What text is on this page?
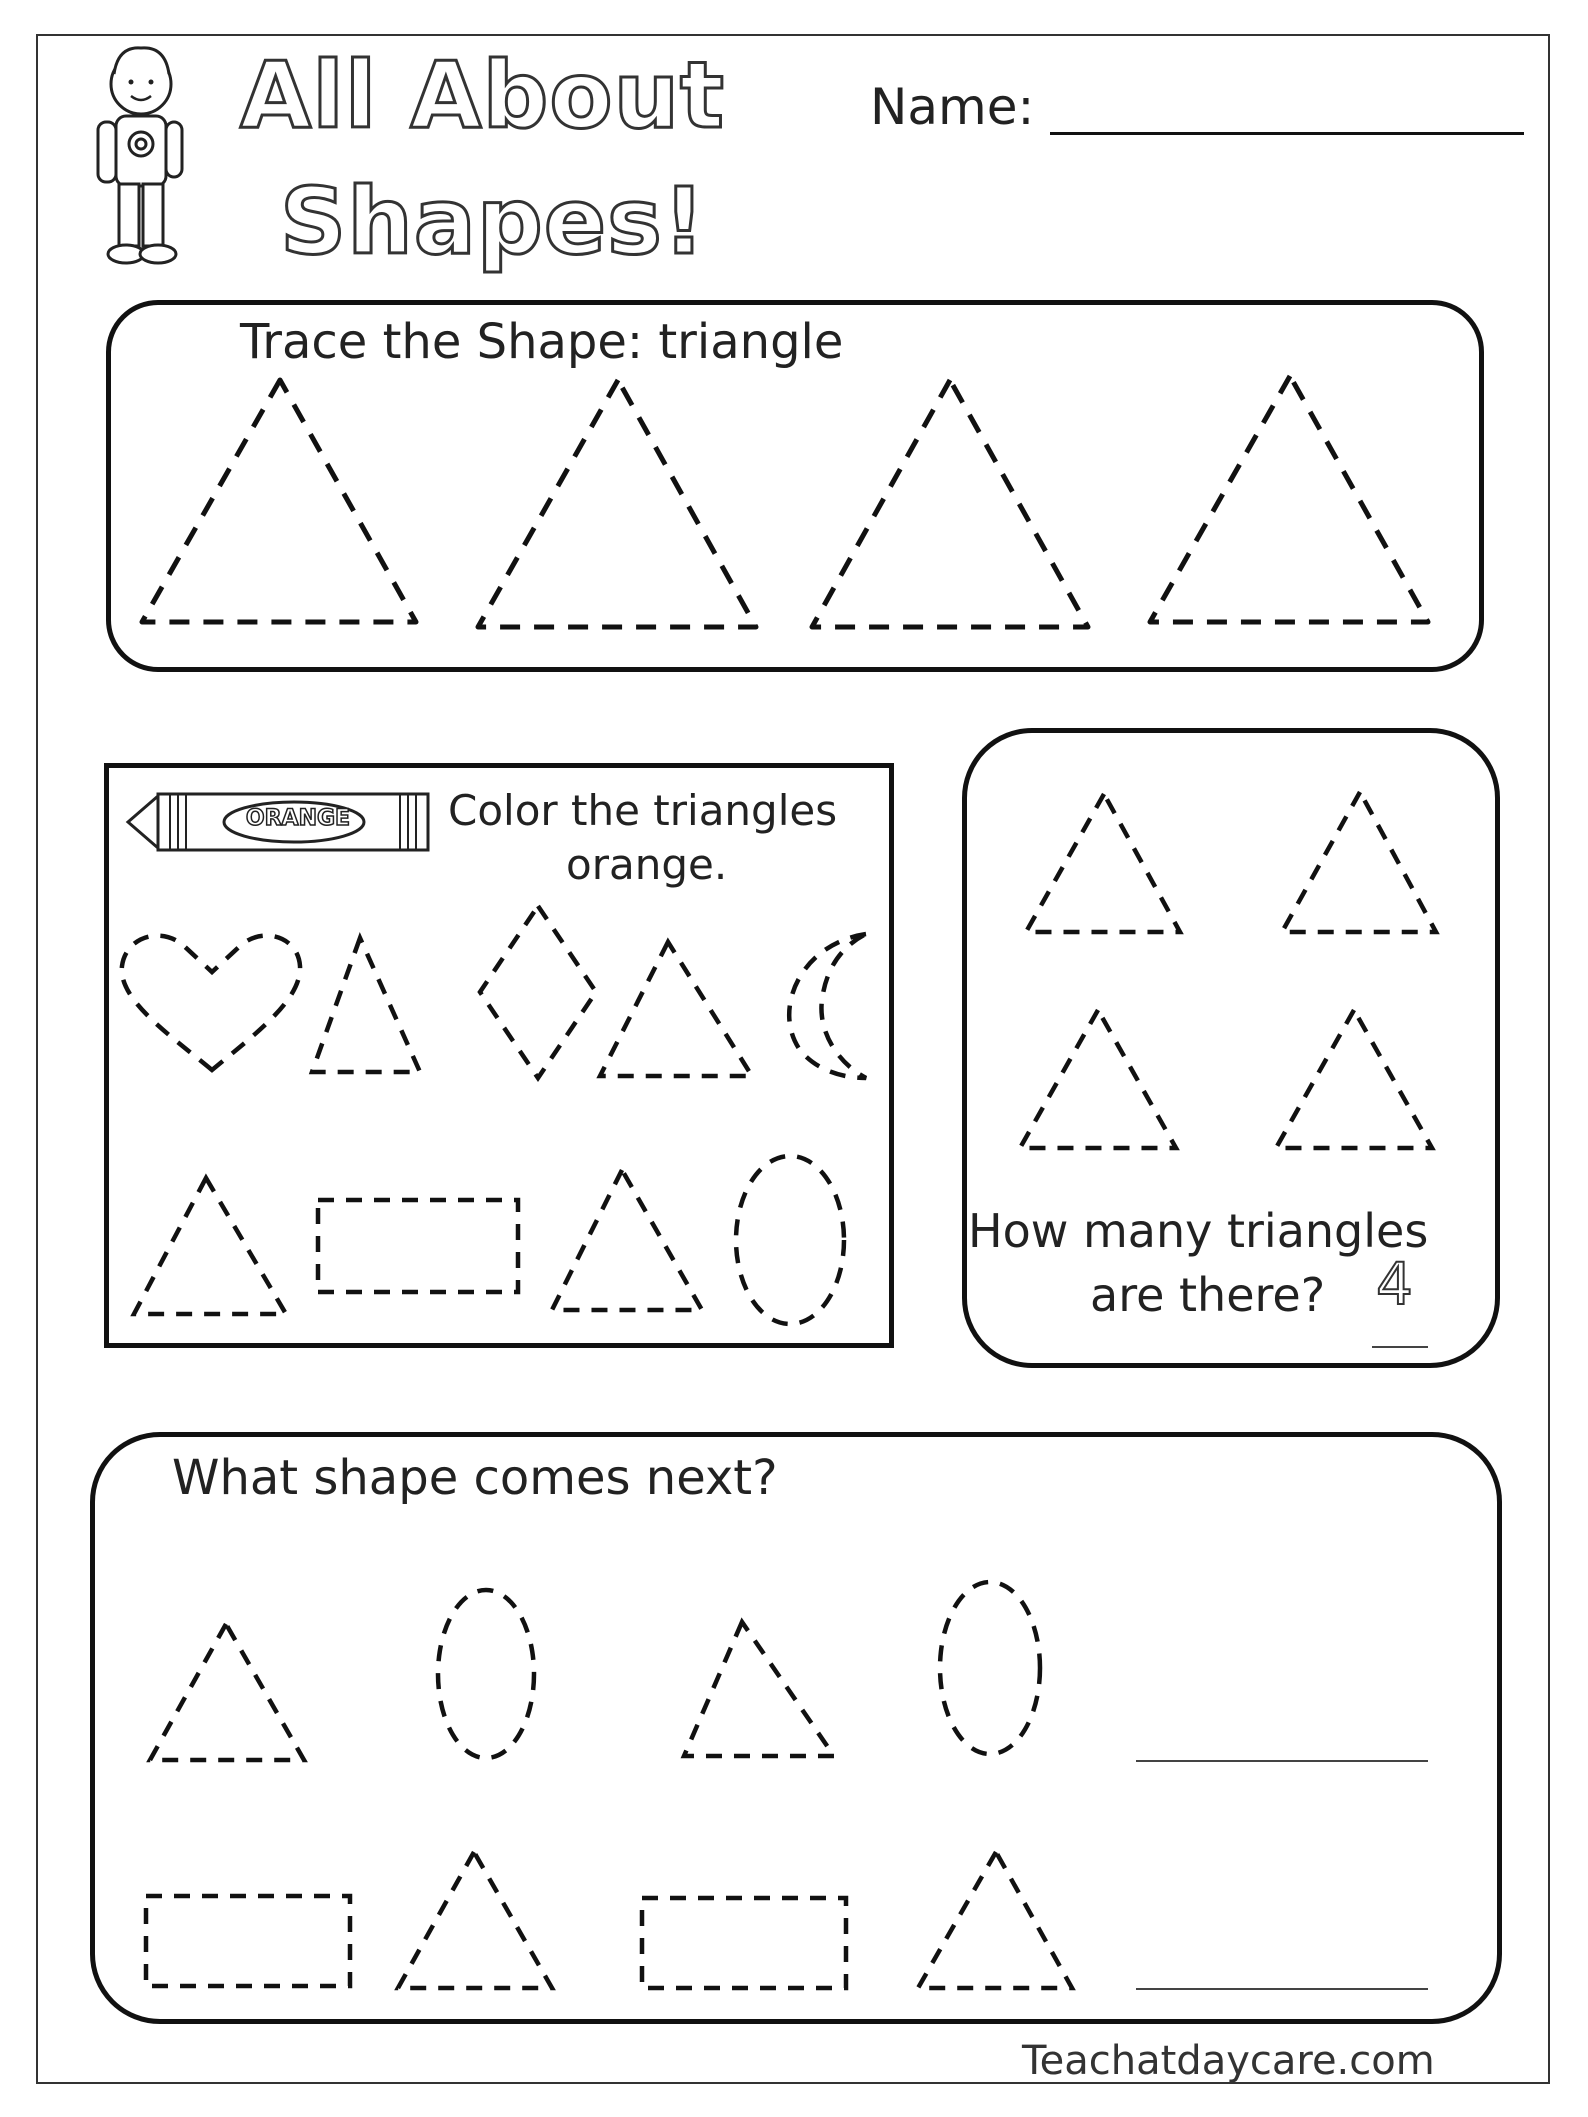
All About
Shapes!
Name:
Trace the Shape: triangle
ORANGE	Color the triangles
orange.
How many triangles
are there? 4
What shape comes next?
Teachatdaycare.com
